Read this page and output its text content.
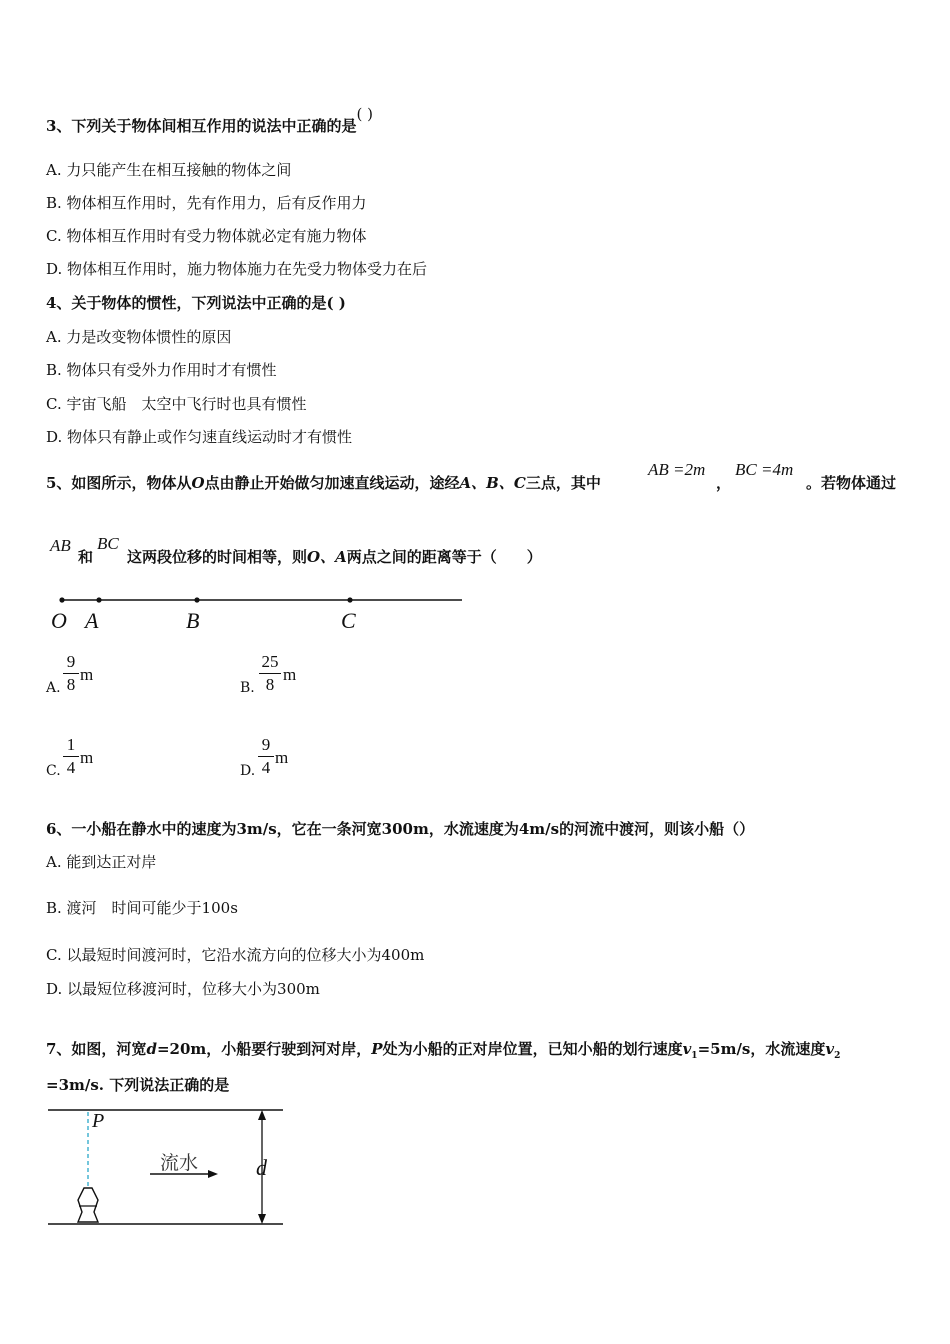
3、下列关于物体间相互作用的说法中正确的是( )
A. 力只能产生在相互接触的物体之间
B. 物体相互作用时，先有作用力，后有反作用力
C. 物体相互作用时有受力物体就必定有施力物体
D. 物体相互作用时，施力物体施力在先受力物体受力在后
4、关于物体的惯性，下列说法中正确的是( )
A. 力是改变物体惯性的原因
B. 物体只有受外力作用时才有惯性
C. 宇宙飞船　太空中飞行时也具有惯性
D. 物体只有静止或作匀速直线运动时才有惯性
5、如图所示，物体从O点由静止开始做匀加速直线运动，途经A、B、C三点，其中
AB =2m
，
BC =4m
。若物体通过
AB
和
BC
这两段位移的时间相等，则O、A两点之间的距离等于（　　）
O A	B	C
A.
9
8
m
B.
25
8
m
C.
1
4
m
D.
9
4
m
6、一小船在静水中的速度为3m/s，它在一条河宽300m，水流速度为4m/s的河流中渡河，则该小船（）
A. 能到达正对岸
B. 渡河　时间可能少于100s
C. 以最短时间渡河时，它沿水流方向的位移大小为400m
D. 以最短位移渡河时，位移大小为300m
7、如图，河宽d=20m，小船要行驶到河对岸，P处为小船的正对岸位置，已知小船的划行速度$v_1=5m/s$，水流速度$v_2$
=3m/s. 下列说法正确的是
P
流水	d
